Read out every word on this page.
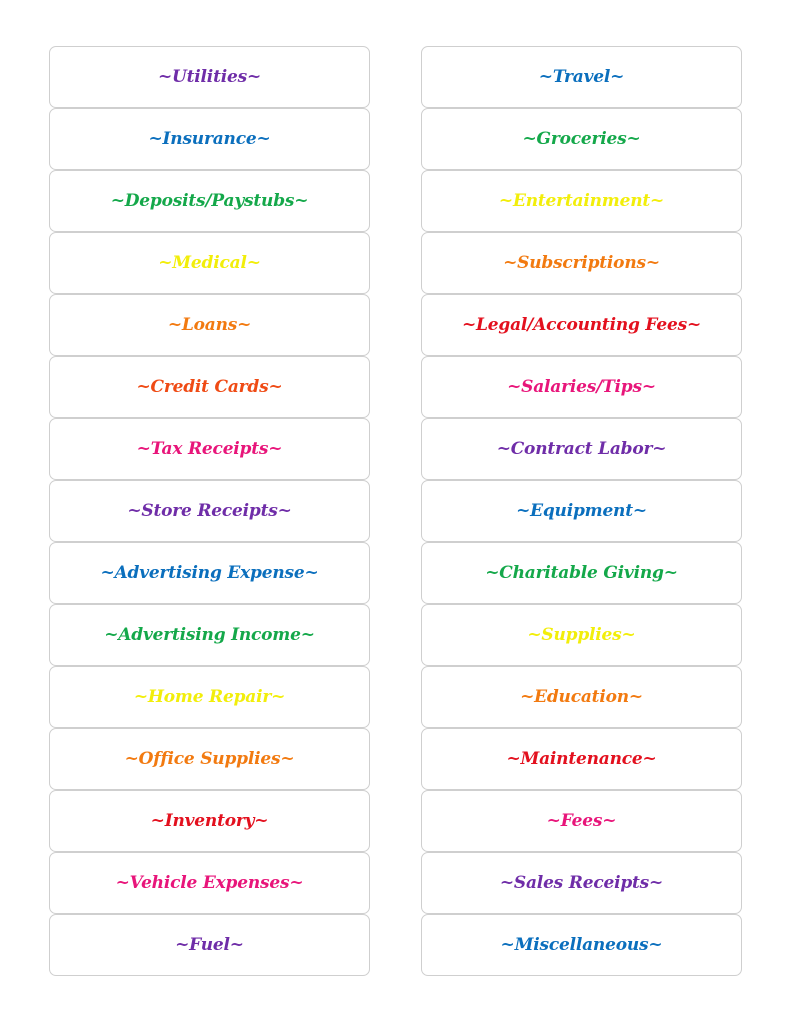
~Utilities~
~Insurance~
~Deposits/Paystubs~
~Medical~
~Loans~
~Credit Cards~
~Tax Receipts~
~Store Receipts~
~Advertising Expense~
~Advertising Income~
~Home Repair~
~Office Supplies~
~Inventory~
~Vehicle Expenses~
~Fuel~
~Travel~
~Groceries~
~Entertainment~
~Subscriptions~
~Legal/Accounting Fees~
~Salaries/Tips~
~Contract Labor~
~Equipment~
~Charitable Giving~
~Supplies~
~Education~
~Maintenance~
~Fees~
~Sales Receipts~
~Miscellaneous~
